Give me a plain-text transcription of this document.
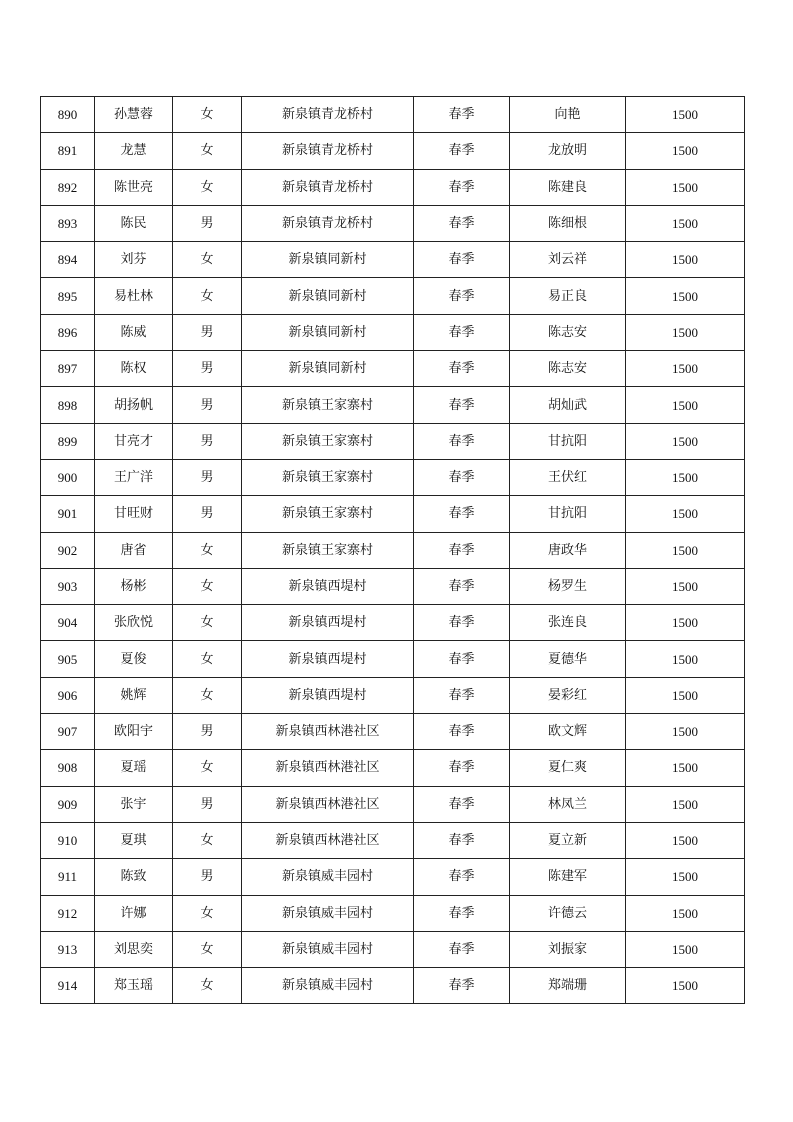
890	孙慧蓉	女	新泉镇青龙桥村	春季	向艳	1500
891	龙慧	女	新泉镇青龙桥村	春季	龙放明	1500
892	陈世亮	女	新泉镇青龙桥村	春季	陈建良	1500
893	陈民	男	新泉镇青龙桥村	春季	陈细根	1500
894	刘芬	女	新泉镇同新村	春季	刘云祥	1500
895	易杜林	女	新泉镇同新村	春季	易正良	1500
896	陈威	男	新泉镇同新村	春季	陈志安	1500
897	陈权	男	新泉镇同新村	春季	陈志安	1500
898	胡扬帆	男	新泉镇王家寨村	春季	胡灿武	1500
899	甘亮才	男	新泉镇王家寨村	春季	甘抗阳	1500
900	王广洋	男	新泉镇王家寨村	春季	王伏红	1500
901	甘旺财	男	新泉镇王家寨村	春季	甘抗阳	1500
902	唐省	女	新泉镇王家寨村	春季	唐政华	1500
903	杨彬	女	新泉镇西堤村	春季	杨罗生	1500
904	张欣悦	女	新泉镇西堤村	春季	张连良	1500
905	夏俊	女	新泉镇西堤村	春季	夏德华	1500
906	姚辉	女	新泉镇西堤村	春季	晏彩红	1500
907	欧阳宇	男	新泉镇西林港社区	春季	欧文辉	1500
908	夏瑶	女	新泉镇西林港社区	春季	夏仁爽	1500
909	张宇	男	新泉镇西林港社区	春季	林凤兰	1500
910	夏琪	女	新泉镇西林港社区	春季	夏立新	1500
911	陈致	男	新泉镇威丰园村	春季	陈建军	1500
912	许娜	女	新泉镇威丰园村	春季	许德云	1500
913	刘思奕	女	新泉镇威丰园村	春季	刘振家	1500
914	郑玉瑶	女	新泉镇威丰园村	春季	郑端珊	1500
